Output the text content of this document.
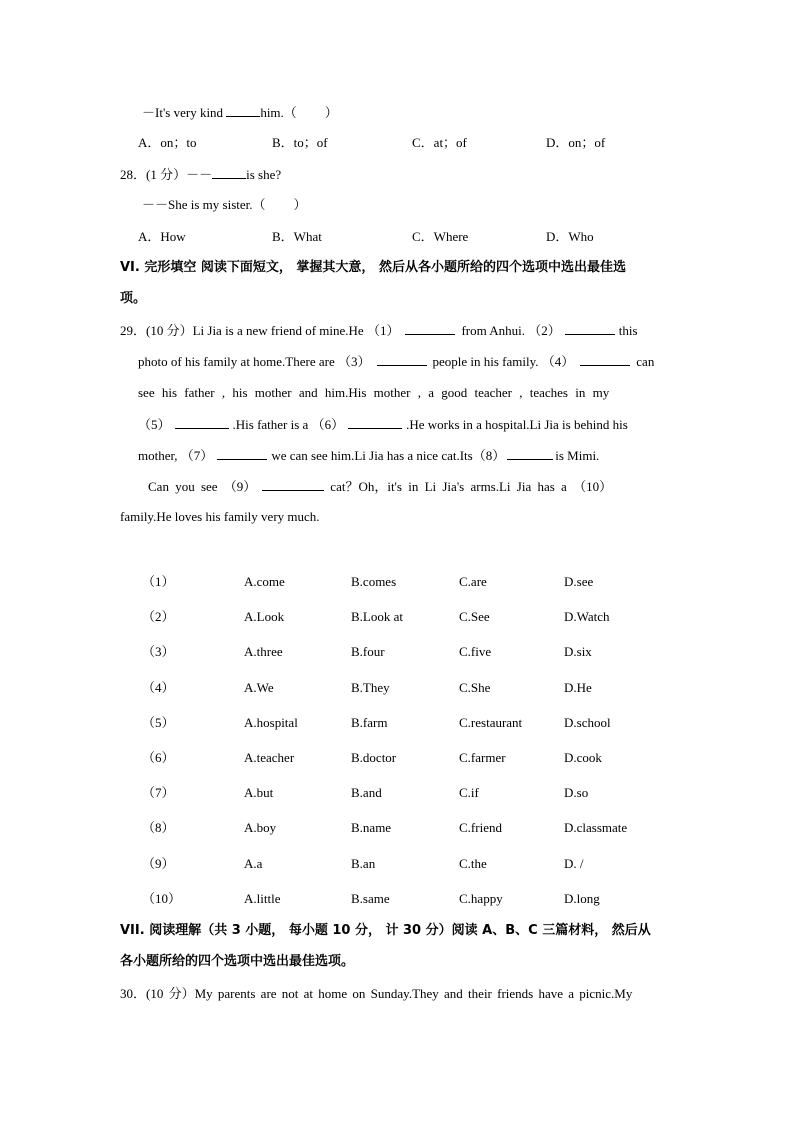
－It's very kind	him.（ ）
A．on；to	B．to；of	C．at；of	D．on；of
28．(1 分）－－	is she?
－－She is my sister.（ ）
A．How	B．What	C．Where	D．Who
VI. 完形填空 阅读下面短文， 掌握其大意， 然后从各小题所给的四个选项中选出最佳选
项。
29．(10 分）Li Jia is a new friend of mine.He （1）	from Anhui. （2）	this
photo of his family at home.There are （3）	people in his family. （4）	can
see his father , his mother and him.His mother , a good teacher , teaches in my
（5）	.His father is a （6）	.He works in a hospital.Li Jia is behind his
mother, （7）	we can see him.Li Jia has a nice cat.Its（8）	is Mimi.
Can you see （9）	cat？Oh，it's in Li Jia's arms.Li Jia has a （10）
family.He loves his family very much.
（1）	A.come	B.comes	C.are	D.see
（2）	A.Look	B.Look at	C.See	D.Watch
（3）	A.three	B.four	C.five	D.six
（4）	A.We	B.They	C.She	D.He
（5）	A.hospital	B.farm	C.restaurant	D.school
（6）	A.teacher	B.doctor	C.farmer	D.cook
（7）	A.but	B.and	C.if	D.so
（8）	A.boy	B.name	C.friend	D.classmate
（9）	A.a	B.an	C.the	D. /
（10）	A.little	B.same	C.happy	D.long
VII. 阅读理解（共 3 小题， 每小题 10 分， 计 30 分）阅读 A、B、C 三篇材料， 然后从
各小题所给的四个选项中选出最佳选项。
30．(10 分）My parents are not at home on Sunday.They and their friends have a picnic.My
